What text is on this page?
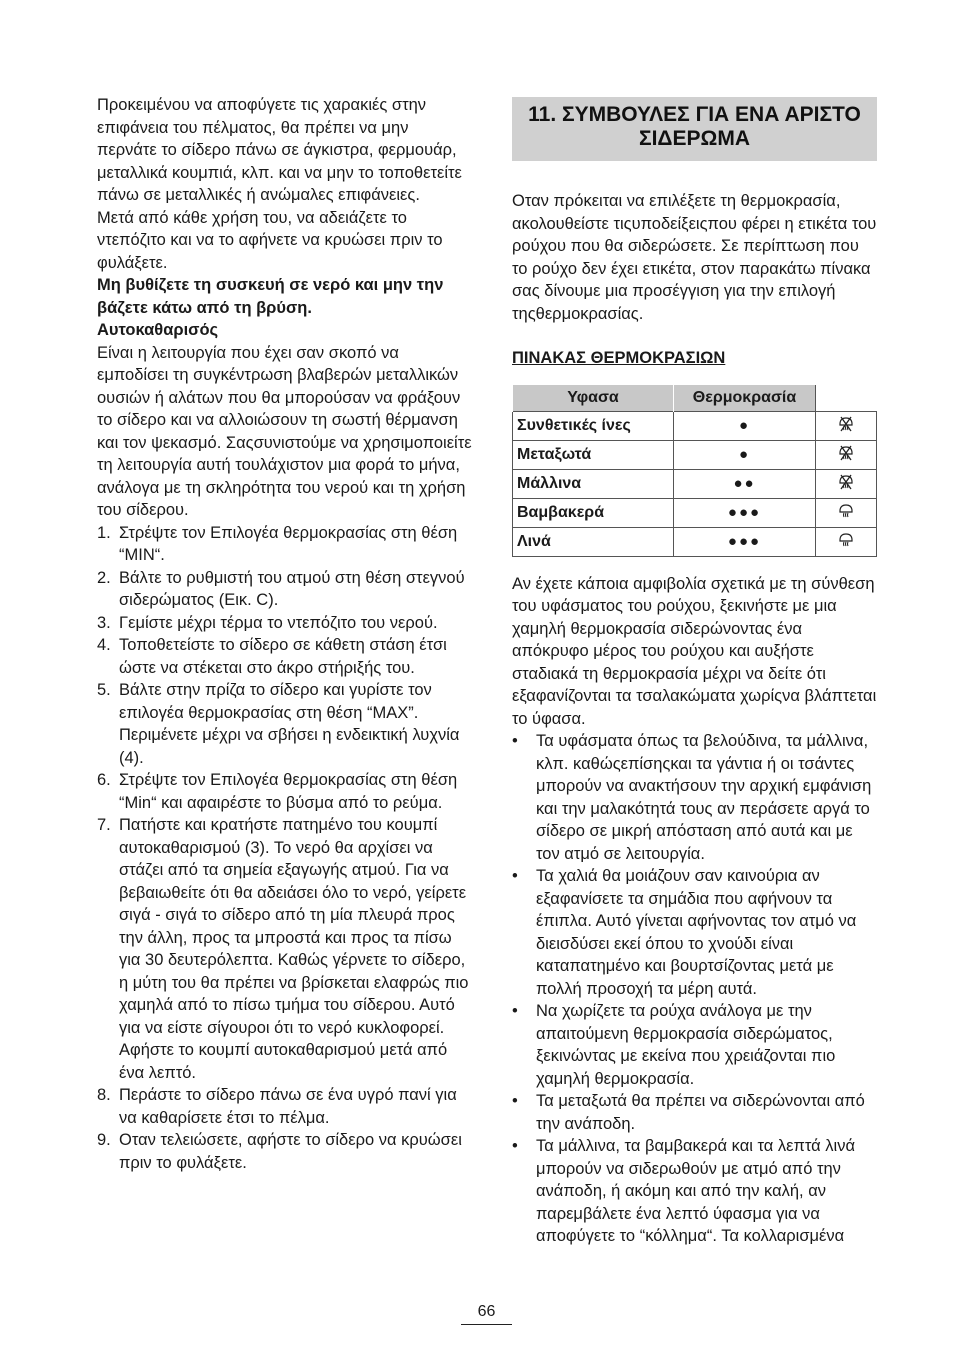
Προκειμένου να αποφύγετε τις χαρακιές στην επιφάνεια του πέλματος, θα πρέπει να μην περνάτε το σίδερο πάνω σε άγκιστρα, φερμουάρ, μεταλλικά κουμπιά, κλπ. και να μην το τοποθετείτε πάνω σε μεταλλικές ή ανώμαλες επιφάνειες.

Μετά από κάθε χρήση του, να αδειάζετε το ντεπόζιτο και να το αφήνετε να κρυώσει πριν το φυλάξετε.

Μη βυθίζετε τη συσκευή σε νερό και μην την βάζετε κάτω από τη βρύση.

Αυτοκαθαρισός

Είναι η λειτουργία που έχει σαν σκοπό να εμποδίσει τη συγκέντρωση βλαβερών μεταλλικών ουσιών ή αλάτων που θα μπορούσαν να φράξουν το σίδερο και να αλλοιώσουν τη σωστή θέρμανση και τον ψεκασμό. Σαςσυνιστούμε να χρησιμοποιείτε τη λειτουργία αυτή τουλάχιστον μια φορά το μήνα, ανάλογα με τη σκληρότητα του νερού και τη χρήση του σίδερου.

1. Στρέψτε τον Επιλογέα θερμοκρασίας στη θέση “MIN“.
2. Βάλτε το ρυθμιστή του ατμού στη θέση στεγνού σιδερώματος (Εικ. C).
3. Γεμίστε μέχρι τέρμα το ντεπόζιτο του νερού.
4. Τοποθετείστε το σίδερο σε κάθετη στάση έτσι ώστε να στέκεται στο άκρο στήριξής του.
5. Βάλτε στην πρίζα το σίδερο και γυρίστε τον επιλογέα θερμοκρασίας στη θέση “MAX”. Περιμένετε μέχρι να σβήσει η ενδεικτική λυχνία (4).
6. Στρέψτε τον Επιλογέα θερμοκρασίας στη θέση “Min“ και αφαιρέστε το βύσμα από το ρεύμα.
7. Πατήστε και κρατήστε πατημένο του κουμπί αυτοκαθαρισμού (3). Το νερό θα αρχίσει να στάζει από τα σημεία εξαγωγής ατμού. Για να βεβαιωθείτε ότι θα αδειάσει όλο το νερό, γείρετε σιγά - σιγά το σίδερο από τη μία πλευρά προς την άλλη, προς τα μπροστά και προς τα πίσω για 30 δευτερόλεπτα. Καθώς γέρνετε το σίδερο, η μύτη του θα πρέπει να βρίσκεται ελαφρώς πιο χαμηλά από το πίσω τμήμα του σίδερου. Αυτό για να είστε σίγουροι ότι το νερό κυκλοφορεί. Αφήστε το κουμπί αυτοκαθαρισμού μετά από ένα λεπτό.
8. Περάστε το σίδερο πάνω σε ένα υγρό πανί για να καθαρίσετε έτσι το πέλμα.
9. Οταν τελειώσετε, αφήστε το σίδερο να κρυώσει πριν το φυλάξετε.
11. ΣΥΜΒΟΥΛΕΣ ΓΙΑ ΕΝΑ ΑΡΙΣΤΟ ΣΙΔΕΡΩΜΑ

Οταν πρόκειται να επιλέξετε τη θερμοκρασία, ακολουθείστε τιςυποδείξειςπου φέρει η ετικέτα του ρούχου που θα σιδερώσετε. Σε περίπτωση που το ρούχο δεν έχει ετικέτα, στον παρακάτω πίνακα σας δίνουμε μια προσέγγιση για την επιλογή τηςθερμοκρασίας.

ΠΙΝΑΚΑΣ ΘΕΡΜΟΚΡΑΣΙΩΝ

Υφασα	Θερμοκρασία	
Συνθετικές ίνες	●	
Μεταξωτά	●	
Μάλλινα	●●	
Βαμβακερά	●●●	
Λινά	●●●	

Αν έχετε κάποια αμφιβολία σχετικά με τη σύνθεση του υφάσματος του ρούχου, ξεκινήστε με μια χαμηλή θερμοκρασία σιδερώνοντας ένα απόκρυφο μέρος του ρούχου και αυξήστε σταδιακά τη θερμοκρασία μέχρι να δείτε ότι εξαφανίζονται τα τσαλακώματα χωρίςνα βλάπτεται το ύφασα.

• Τα υφάσματα όπως τα βελούδινα, τα μάλλινα, κλπ. καθώςεπίσηςκαι τα γάντια ή οι τσάντες μπορούν να ανακτήσουν την αρχική εμφάνιση και την μαλακότητά τους αν περάσετε αργά το σίδερο σε μικρή απόσταση από αυτά και με τον ατμό σε λειτουργία.
• Τα χαλιά θα μοιάζουν σαν καινούρια αν εξαφανίσετε τα σημάδια που αφήνουν τα έπιπλα. Αυτό γίνεται αφήνοντας τον ατμό να διεισδύσει εκεί όπου το χνούδι είναι καταπατημένο και βουρτσίζοντας μετά με πολλή προσοχή τα μέρη αυτά.
• Να χωρίζετε τα ρούχα ανάλογα με την απαιτούμενη θερμοκρασία σιδερώματος, ξεκινώντας με εκείνα που χρειάζονται πιο χαμηλή θερμοκρασία.
• Τα μεταξωτά θα πρέπει να σιδερώνονται από την ανάποδη.
• Τα μάλλινα, τα βαμβακερά και τα λεπτά λινά μπορούν να σιδερωθούν με ατμό από την ανάποδη, ή ακόμη και από την καλή, αν παρεμβάλετε ένα λεπτό ύφασμα για να αποφύγετε το “κόλλημα“. Τα κολλαρισμένα
66
